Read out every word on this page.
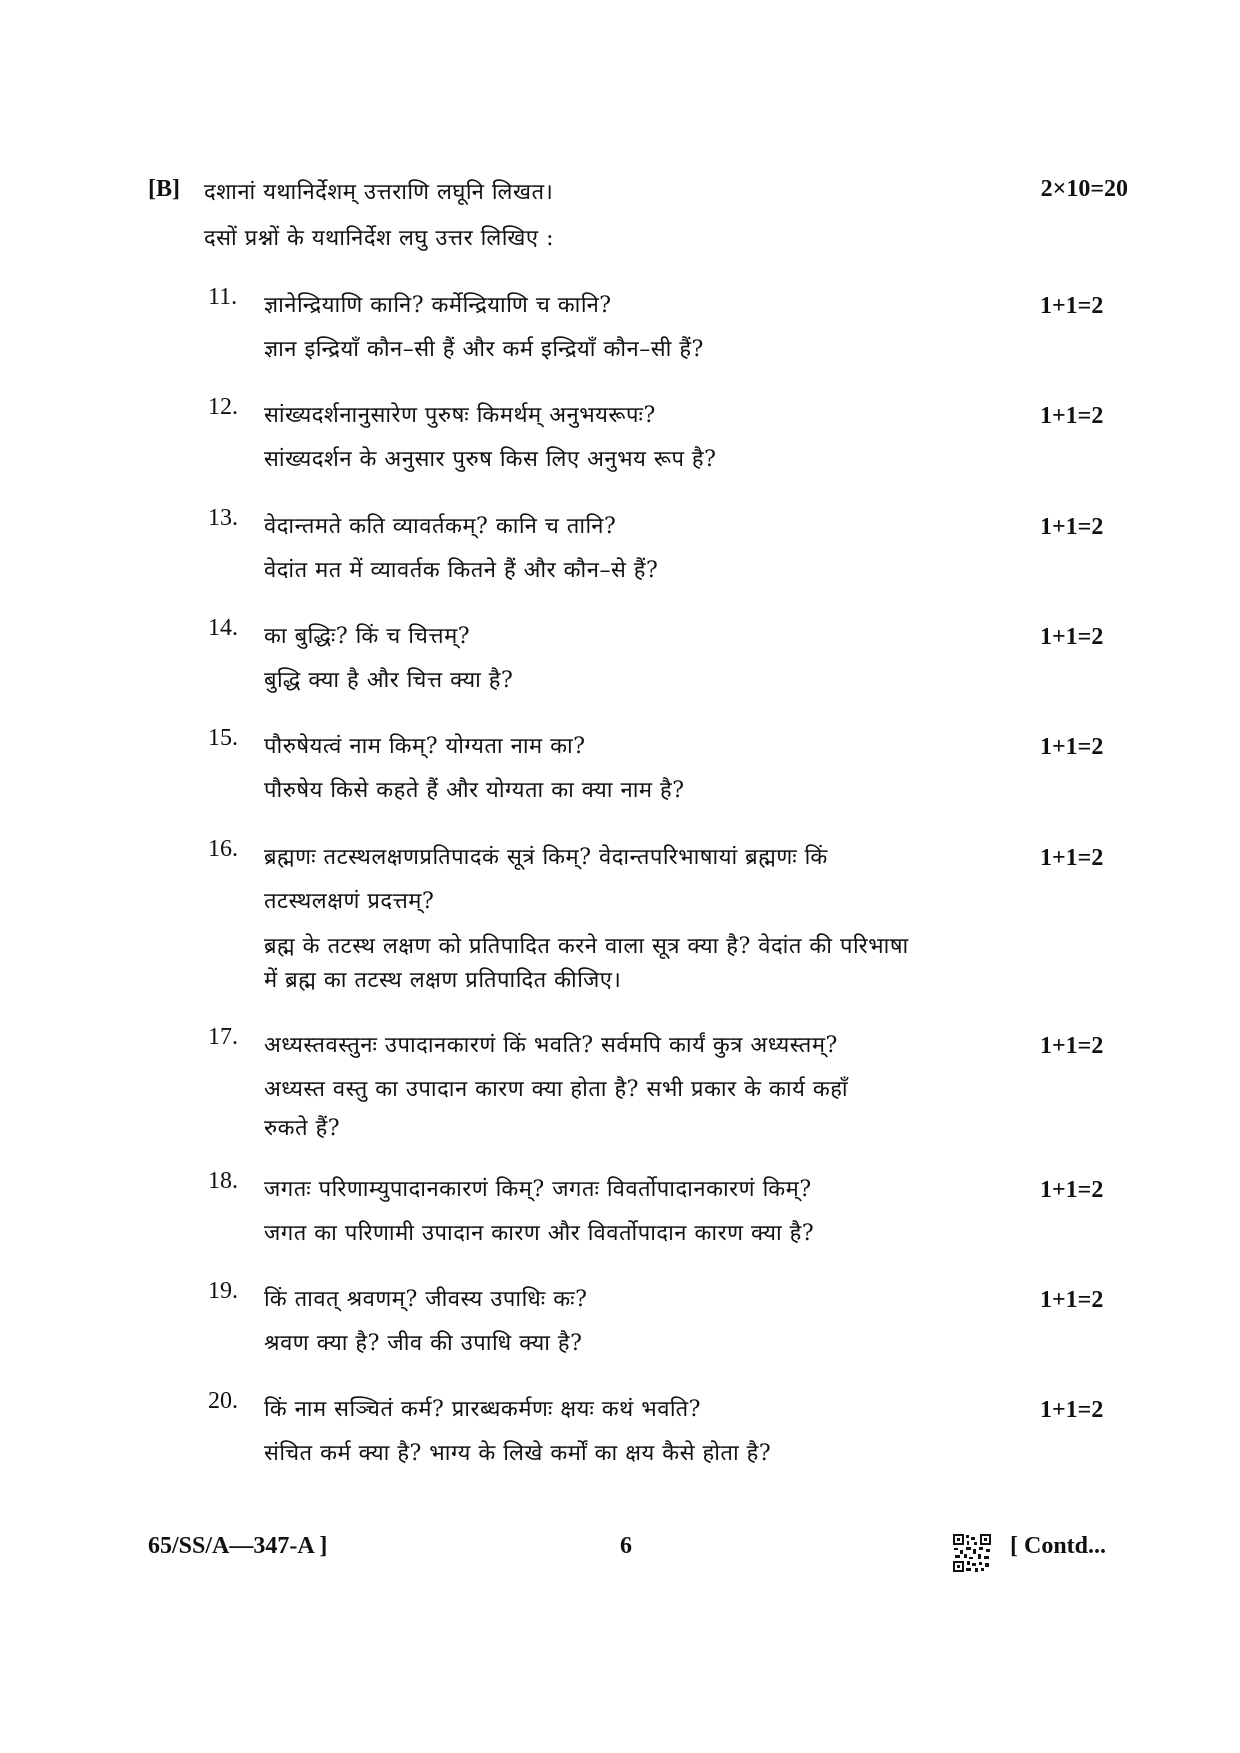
[B] दशानां यथानिर्देशम् उत्तराणि लघूनि लिखत।
दसों प्रश्नों के यथानिर्देश लघु उत्तर लिखिए :
2×10=20
11. ज्ञानेन्द्रियाणि कानि? कर्मेन्द्रियाणि च कानि?
ज्ञान इन्द्रियाँ कौन–सी हैं और कर्म इन्द्रियाँ कौन–सी हैं?
1+1=2
12. सांख्यदर्शनानुसारेण पुरुषः किमर्थम् अनुभयरूपः?
सांख्यदर्शन के अनुसार पुरुष किस लिए अनुभय रूप है?
1+1=2
13. वेदान्तमते कति व्यावर्तकम्? कानि च तानि?
वेदांत मत में व्यावर्तक कितने हैं और कौन–से हैं?
1+1=2
14. का बुद्धिः? किं च चित्तम्?
बुद्धि क्या है और चित्त क्या है?
1+1=2
15. पौरुषेयत्वं नाम किम्? योग्यता नाम का?
पौरुषेय किसे कहते हैं और योग्यता का क्या नाम है?
1+1=2
16. ब्रह्मणः तटस्थलक्षणप्रतिपादकं सूत्रं किम्? वेदान्तपरिभाषायां ब्रह्मणः किं
तटस्थलक्षणं प्रदत्तम्?
ब्रह्म के तटस्थ लक्षण को प्रतिपादित करने वाला सूत्र क्या है? वेदांत की परिभाषा
में ब्रह्म का तटस्थ लक्षण प्रतिपादित कीजिए।
1+1=2
17. अध्यस्तवस्तुनः उपादानकारणं किं भवति? सर्वमपि कार्यं कुत्र अध्यस्तम्?
अध्यस्त वस्तु का उपादान कारण क्या होता है? सभी प्रकार के कार्य कहाँ
रुकते हैं?
1+1=2
18. जगतः परिणाम्युपादानकारणं किम्? जगतः विवर्तोपादानकारणं किम्?
जगत का परिणामी उपादान कारण और विवर्तोपादान कारण क्या है?
1+1=2
19. किं तावत् श्रवणम्? जीवस्य उपाधिः कः?
श्रवण क्या है? जीव की उपाधि क्या है?
1+1=2
20. किं नाम सञ्चितं कर्म? प्रारब्धकर्मणः क्षयः कथं भवति?
संचित कर्म क्या है? भाग्य के लिखे कर्मों का क्षय कैसे होता है?
1+1=2
65/SS/A—347-A ]	6	[ Contd...
